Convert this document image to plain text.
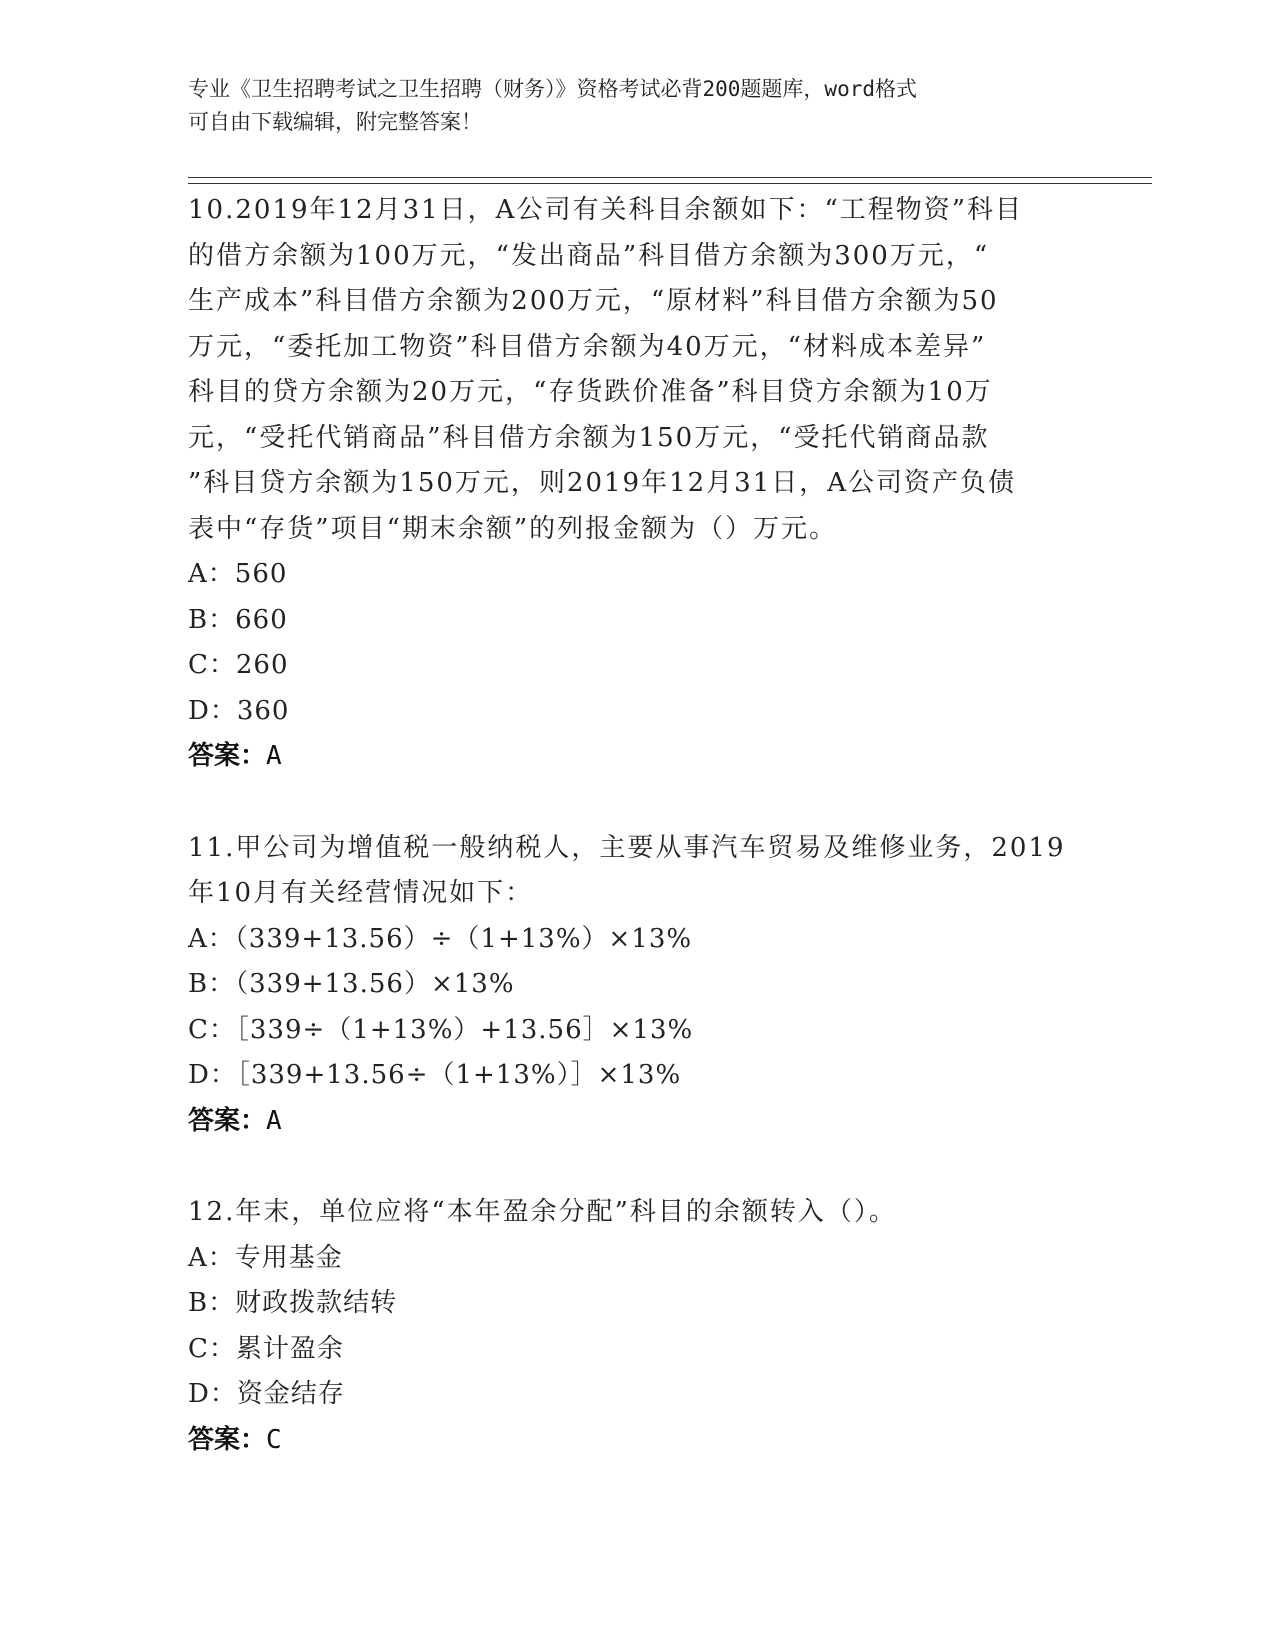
专业《卫生招聘考试之卫生招聘（财务）》资格考试必背200题题库，word格式
可自由下载编辑，附完整答案！
10.2019年12月31日，A公司有关科目余额如下：“工程物资”科目
的借方余额为100万元，“发出商品”科目借方余额为300万元，“
生产成本”科目借方余额为200万元，“原材料”科目借方余额为50
万元，“委托加工物资”科目借方余额为40万元，“材料成本差异”
科目的贷方余额为20万元，“存货跌价准备”科目贷方余额为10万
元，“受托代销商品”科目借方余额为150万元，“受托代销商品款
”科目贷方余额为150万元，则2019年12月31日，A公司资产负债
表中“存货”项目“期末余额”的列报金额为（）万元。
A：560
B：660
C：260
D：360
答案：A
11.甲公司为增值税一般纳税人，主要从事汽车贸易及维修业务，2019
年10月有关经营情况如下：
A：（339+13.56）÷（1+13%）×13%
B：（339+13.56）×13%
C：［339÷（1+13%）+13.56］×13%
D：［339+13.56÷（1+13%）］×13%
答案：A
12.年末，单位应将“本年盈余分配”科目的余额转入（）。
A：专用基金
B：财政拨款结转
C：累计盈余
D：资金结存
答案：C
